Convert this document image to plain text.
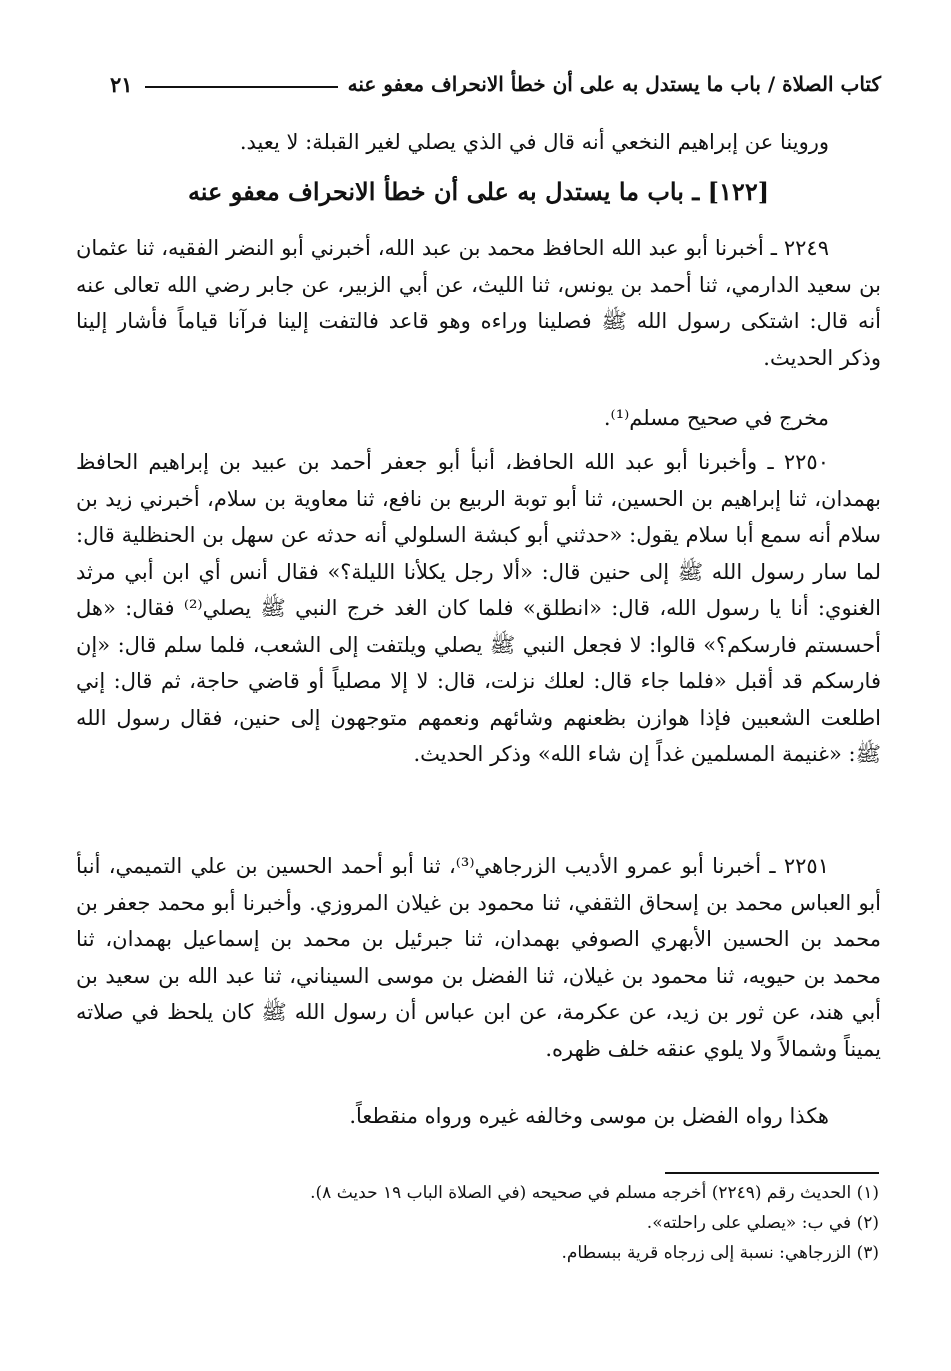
كتاب الصلاة / باب ما يستدل به على أن خطأ الانحراف معفو عنه
٢١

وروينا عن إبراهيم النخعي أنه قال في الذي يصلي لغير القبلة: لا يعيد.

[١٢٢] ـ باب ما يستدل به على أن خطأ الانحراف معفو عنه

٢٢٤٩ ـ أخبرنا أبو عبد الله الحافظ محمد بن عبد الله، أخبرني أبو النضر الفقيه، ثنا عثمان بن سعيد الدارمي، ثنا أحمد بن يونس، ثنا الليث، عن أبي الزبير، عن جابر رضي الله تعالى عنه أنه قال: اشتكى رسول الله ﷺ فصلينا وراءه وهو قاعد فالتفت إلينا فرآنا قياماً فأشار إلينا وذكر الحديث.

مخرج في صحيح مسلم⁽¹⁾.

٢٢٥٠ ـ وأخبرنا أبو عبد الله الحافظ، أنبأ أبو جعفر أحمد بن عبيد بن إبراهيم الحافظ بهمدان، ثنا إبراهيم بن الحسين، ثنا أبو توبة الربيع بن نافع، ثنا معاوية بن سلام، أخبرني زيد بن سلام أنه سمع أبا سلام يقول: «حدثني أبو كبشة السلولي أنه حدثه عن سهل بن الحنظلية قال: لما سار رسول الله ﷺ إلى حنين قال: «ألا رجل يكلأنا الليلة؟» فقال أنس أي ابن أبي مرثد الغنوي: أنا يا رسول الله، قال: «انطلق» فلما كان الغد خرج النبي ﷺ يصلي⁽²⁾ فقال: «هل أحسستم فارسكم؟» قالوا: لا فجعل النبي ﷺ يصلي ويلتفت إلى الشعب، فلما سلم قال: «إن فارسكم قد أقبل «فلما جاء قال: لعلك نزلت، قال: لا إلا مصلياً أو قاضي حاجة، ثم قال: إني اطلعت الشعبين فإذا هوازن بظعنهم وشائهم ونعمهم متوجهون إلى حنين، فقال رسول الله ﷺ: «غنيمة المسلمين غداً إن شاء الله» وذكر الحديث.

٢٢٥١ ـ أخبرنا أبو عمرو الأديب الزرجاهي⁽³⁾، ثنا أبو أحمد الحسين بن علي التميمي، أنبأ أبو العباس محمد بن إسحاق الثقفي، ثنا محمود بن غيلان المروزي. وأخبرنا أبو محمد جعفر بن محمد بن الحسين الأبهري الصوفي بهمدان، ثنا جبرئيل بن محمد بن إسماعيل بهمدان، ثنا محمد بن حيويه، ثنا محمود بن غيلان، ثنا الفضل بن موسى السيناني، ثنا عبد الله بن سعيد بن أبي هند، عن ثور بن زيد، عن عكرمة، عن ابن عباس أن رسول الله ﷺ كان يلحظ في صلاته يميناً وشمالاً ولا يلوي عنقه خلف ظهره.

هكذا رواه الفضل بن موسى وخالفه غيره ورواه منقطعاً.

(١) الحديث رقم (٢٢٤٩) أخرجه مسلم في صحيحه (في الصلاة الباب ١٩ حديث ٨).
(٢) في ب: «يصلي على راحلته».
(٣) الزرجاهي: نسبة إلى زرجاه قرية ببسطام.
